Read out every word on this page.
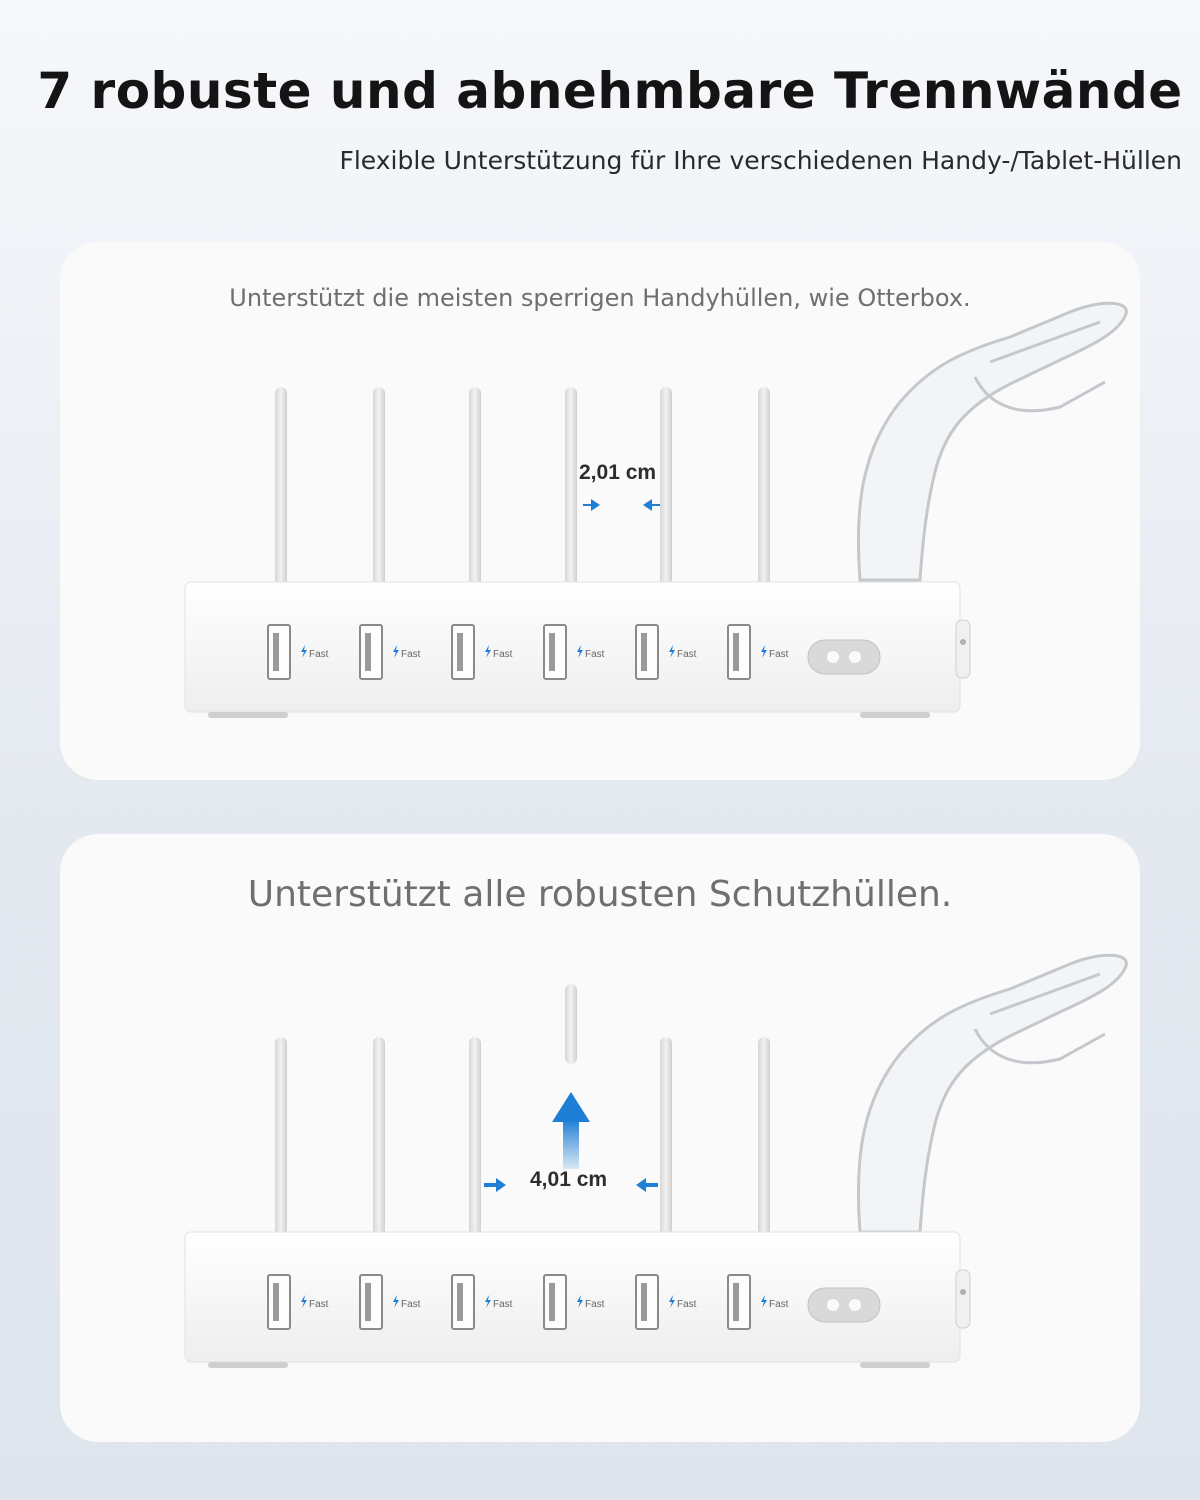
7 robuste und abnehmbare Trennwände
Flexible Unterstützung für Ihre verschiedenen Handy-/Tablet-Hüllen
Unterstützt die meisten sperrigen Handyhüllen, wie Otterbox.
Fast	Fast	Fast	Fast	Fast	Fast
2,01 cm
Unterstützt alle robusten Schutzhüllen.
Fast	Fast	Fast	Fast	Fast	Fast
4,01 cm
